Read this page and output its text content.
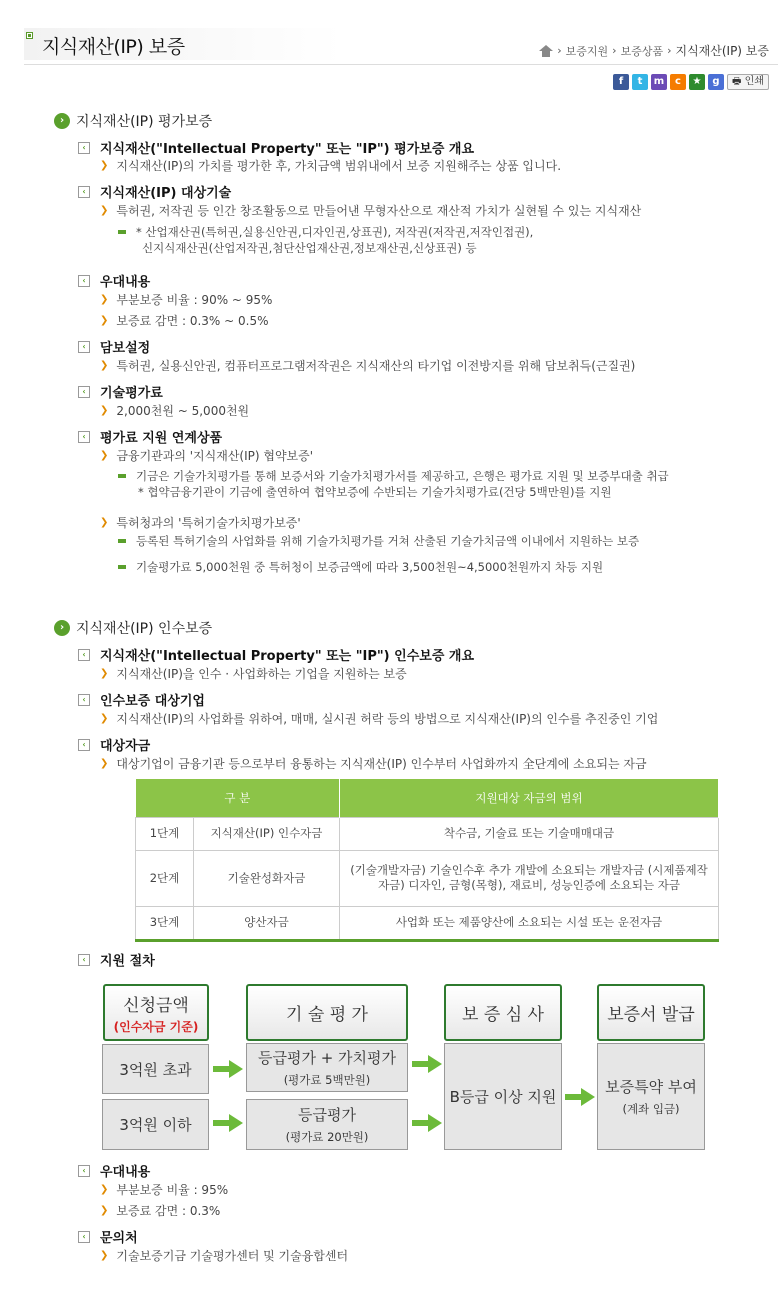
지식재산(IP) 보증	› 보증지원 › 보증상품 › 지식재산(IP) 보증
f	t	m	c	★	g	🖶 인쇄
› 지식재산(IP) 평가보증
‹	지식재산("Intellectual Property" 또는 "IP") 평가보증 개요
❯ 지식재산(IP)의 가치를 평가한 후, 가치금액 범위내에서 보증 지원해주는 상품 입니다.
‹	지식재산(IP) 대상기술
❯ 특허권, 저작권 등 인간 창조활동으로 만들어낸 무형자산으로 재산적 가치가 실현될 수 있는 지식재산
* 산업재산권(특허권,실용신안권,디자인권,상표권), 저작권(저작권,저작인접권),
신지식재산권(산업저작권,첨단산업재산권,정보재산권,신상표권) 등
‹	우대내용
❯ 부분보증 비율 : 90% ~ 95%
❯ 보증료 감면 : 0.3% ~ 0.5%
‹	담보설정
❯ 특허권, 실용신안권, 컴퓨터프로그램저작권은 지식재산의 타기업 이전방지를 위해 담보취득(근질권)
‹	기술평가료
❯ 2,000천원 ~ 5,000천원
‹	평가료 지원 연계상품
❯ 금융기관과의 '지식재산(IP) 협약보증'
기금은 기술가치평가를 통해 보증서와 기술가치평가서를 제공하고, 은행은 평가료 지원 및 보증부대출 취급
* 협약금융기관이 기금에 출연하여 협약보증에 수반되는 기술가치평가료(건당 5백만원)를 지원
❯ 특허청과의 '특허기술가치평가보증'
등록된 특허기술의 사업화를 위해 기술가치평가를 거쳐 산출된 기술가치금액 이내에서 지원하는 보증
기술평가료 5,000천원 중 특허청이 보증금액에 따라 3,500천원~4,5000천원까지 차등 지원
› 지식재산(IP) 인수보증
‹	지식재산("Intellectual Property" 또는 "IP") 인수보증 개요
❯ 지식재산(IP)을 인수 · 사업화하는 기업을 지원하는 보증
‹	인수보증 대상기업
❯ 지식재산(IP)의 사업화를 위하여, 매매, 실시권 허락 등의 방법으로 지식재산(IP)의 인수를 추진중인 기업
‹	대상자금
❯ 대상기업이 금융기관 등으로부터 융통하는 지식재산(IP) 인수부터 사업화까지 全단계에 소요되는 자금
구 분		지원대상 자금의 범위
1단계	지식재산(IP) 인수자금	착수금, 기술료 또는 기술매매대금
2단계	기술완성화자금	(기술개발자금) 기술인수후 추가 개발에 소요되는 개발자금 (시제품제작자금) 디자인, 금형(목형), 재료비, 성능인증에 소요되는 자금
3단계	양산자금	사업화 또는 제품양산에 소요되는 시설 또는 운전자금
‹	지원 절차
신청금액
(인수자금 기준)
기 술 평 가	보 증 심 사	보증서 발급
3억원 초과
3억원 이하
등급평가 + 가치평가
(평가료 5백만원)
등급평가
(평가료 20만원)
B등급 이상 지원
보증특약 부여
(계좌 입금)
‹	우대내용
❯ 부분보증 비율 : 95%
❯ 보증료 감면 : 0.3%
‹	문의처
❯ 기술보증기금 기술평가센터 및 기술융합센터
